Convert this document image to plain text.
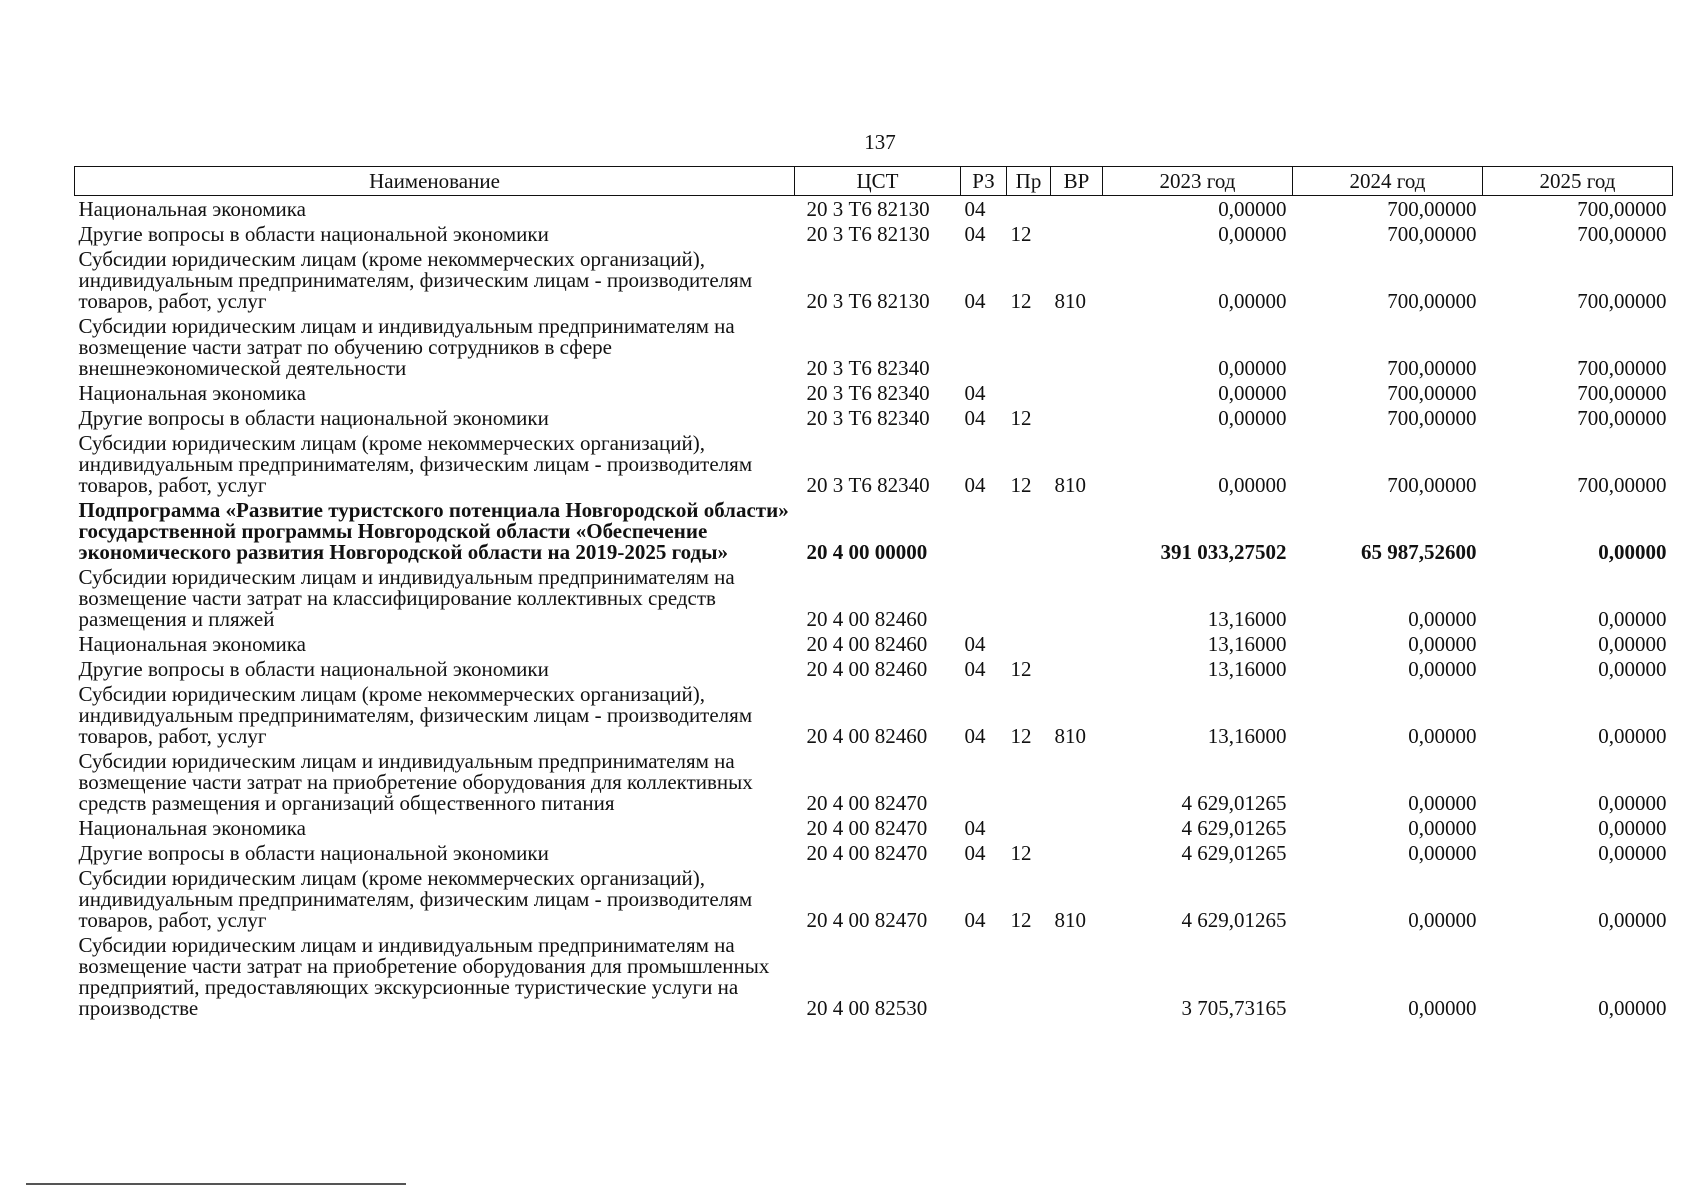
137
Наименование	ЦСТ	РЗ	Пр	ВР	2023 год	2024 год	2025 год
Национальная экономика	20 3 Т6 82130	04			0,00000	700,00000	700,00000
Другие вопросы в области национальной экономики	20 3 Т6 82130	04	12		0,00000	700,00000	700,00000
Субсидии юридическим лицам (кроме некоммерческих организаций), индивидуальным предпринимателям, физическим лицам - производителям товаров, работ, услуг	20 3 Т6 82130	04	12	810	0,00000	700,00000	700,00000
Субсидии юридическим лицам и индивидуальным предпринимателям на возмещение части затрат по обучению сотрудников в сфере внешнеэкономической деятельности	20 3 Т6 82340				0,00000	700,00000	700,00000
Национальная экономика	20 3 Т6 82340	04			0,00000	700,00000	700,00000
Другие вопросы в области национальной экономики	20 3 Т6 82340	04	12		0,00000	700,00000	700,00000
Субсидии юридическим лицам (кроме некоммерческих организаций), индивидуальным предпринимателям, физическим лицам - производителям товаров, работ, услуг	20 3 Т6 82340	04	12	810	0,00000	700,00000	700,00000
Подпрограмма «Развитие туристского потенциала Новгородской области» государственной программы Новгородской области «Обеспечение экономического развития Новгородской области на 2019-2025 годы»	20 4 00 00000				391 033,27502	65 987,52600	0,00000
Субсидии юридическим лицам и индивидуальным предпринимателям на возмещение части затрат на классифицирование коллективных средств размещения и пляжей	20 4 00 82460				13,16000	0,00000	0,00000
Национальная экономика	20 4 00 82460	04			13,16000	0,00000	0,00000
Другие вопросы в области национальной экономики	20 4 00 82460	04	12		13,16000	0,00000	0,00000
Субсидии юридическим лицам (кроме некоммерческих организаций), индивидуальным предпринимателям, физическим лицам - производителям товаров, работ, услуг	20 4 00 82460	04	12	810	13,16000	0,00000	0,00000
Субсидии юридическим лицам и индивидуальным предпринимателям на возмещение части затрат на приобретение оборудования для коллективных средств размещения и организаций общественного питания	20 4 00 82470				4 629,01265	0,00000	0,00000
Национальная экономика	20 4 00 82470	04			4 629,01265	0,00000	0,00000
Другие вопросы в области национальной экономики	20 4 00 82470	04	12		4 629,01265	0,00000	0,00000
Субсидии юридическим лицам (кроме некоммерческих организаций), индивидуальным предпринимателям, физическим лицам - производителям товаров, работ, услуг	20 4 00 82470	04	12	810	4 629,01265	0,00000	0,00000
Субсидии юридическим лицам и индивидуальным предпринимателям на возмещение части затрат на приобретение оборудования для промышленных предприятий, предоставляющих экскурсионные туристические услуги на производстве	20 4 00 82530				3 705,73165	0,00000	0,00000
